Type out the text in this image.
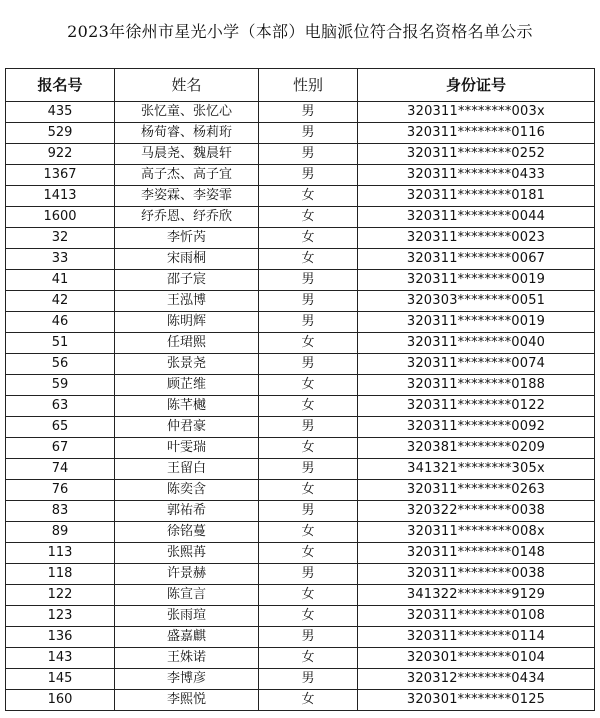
2023年徐州市星光小学（本部）电脑派位符合报名资格名单公示
报名号	姓名	性别	身份证号
435	张忆童、张忆心	男	320311********003x
529	杨荀睿、杨莉珩	男	320311********0116
922	马晨尧、魏晨轩	男	320311********0252
1367	高子杰、高子宜	男	320311********0433
1413	李姿霖、李姿霏	女	320311********0181
1600	纾乔恩、纾乔欣	女	320311********0044
32	李忻芮	女	320311********0023
33	宋雨桐	女	320311********0067
41	邵子宸	男	320311********0019
42	王泓博	男	320303********0051
46	陈明辉	男	320311********0019
51	任珺熙	女	320311********0040
56	张景尧	男	320311********0074
59	顾芷维	女	320311********0188
63	陈芊樾	女	320311********0122
65	仲君豪	男	320311********0092
67	叶雯瑞	女	320381********0209
74	王留白	男	341321********305x
76	陈奕含	女	320311********0263
83	郭祐希	男	320322********0038
89	徐铭蔓	女	320311********008x
113	张熙苒	女	320311********0148
118	许景赫	男	320311********0038
122	陈宣言	女	341322********9129
123	张雨瑄	女	320311********0108
136	盛嘉麒	男	320311********0114
143	王姝诺	女	320301********0104
145	李博彦	男	320312********0434
160	李熙悦	女	320301********0125
